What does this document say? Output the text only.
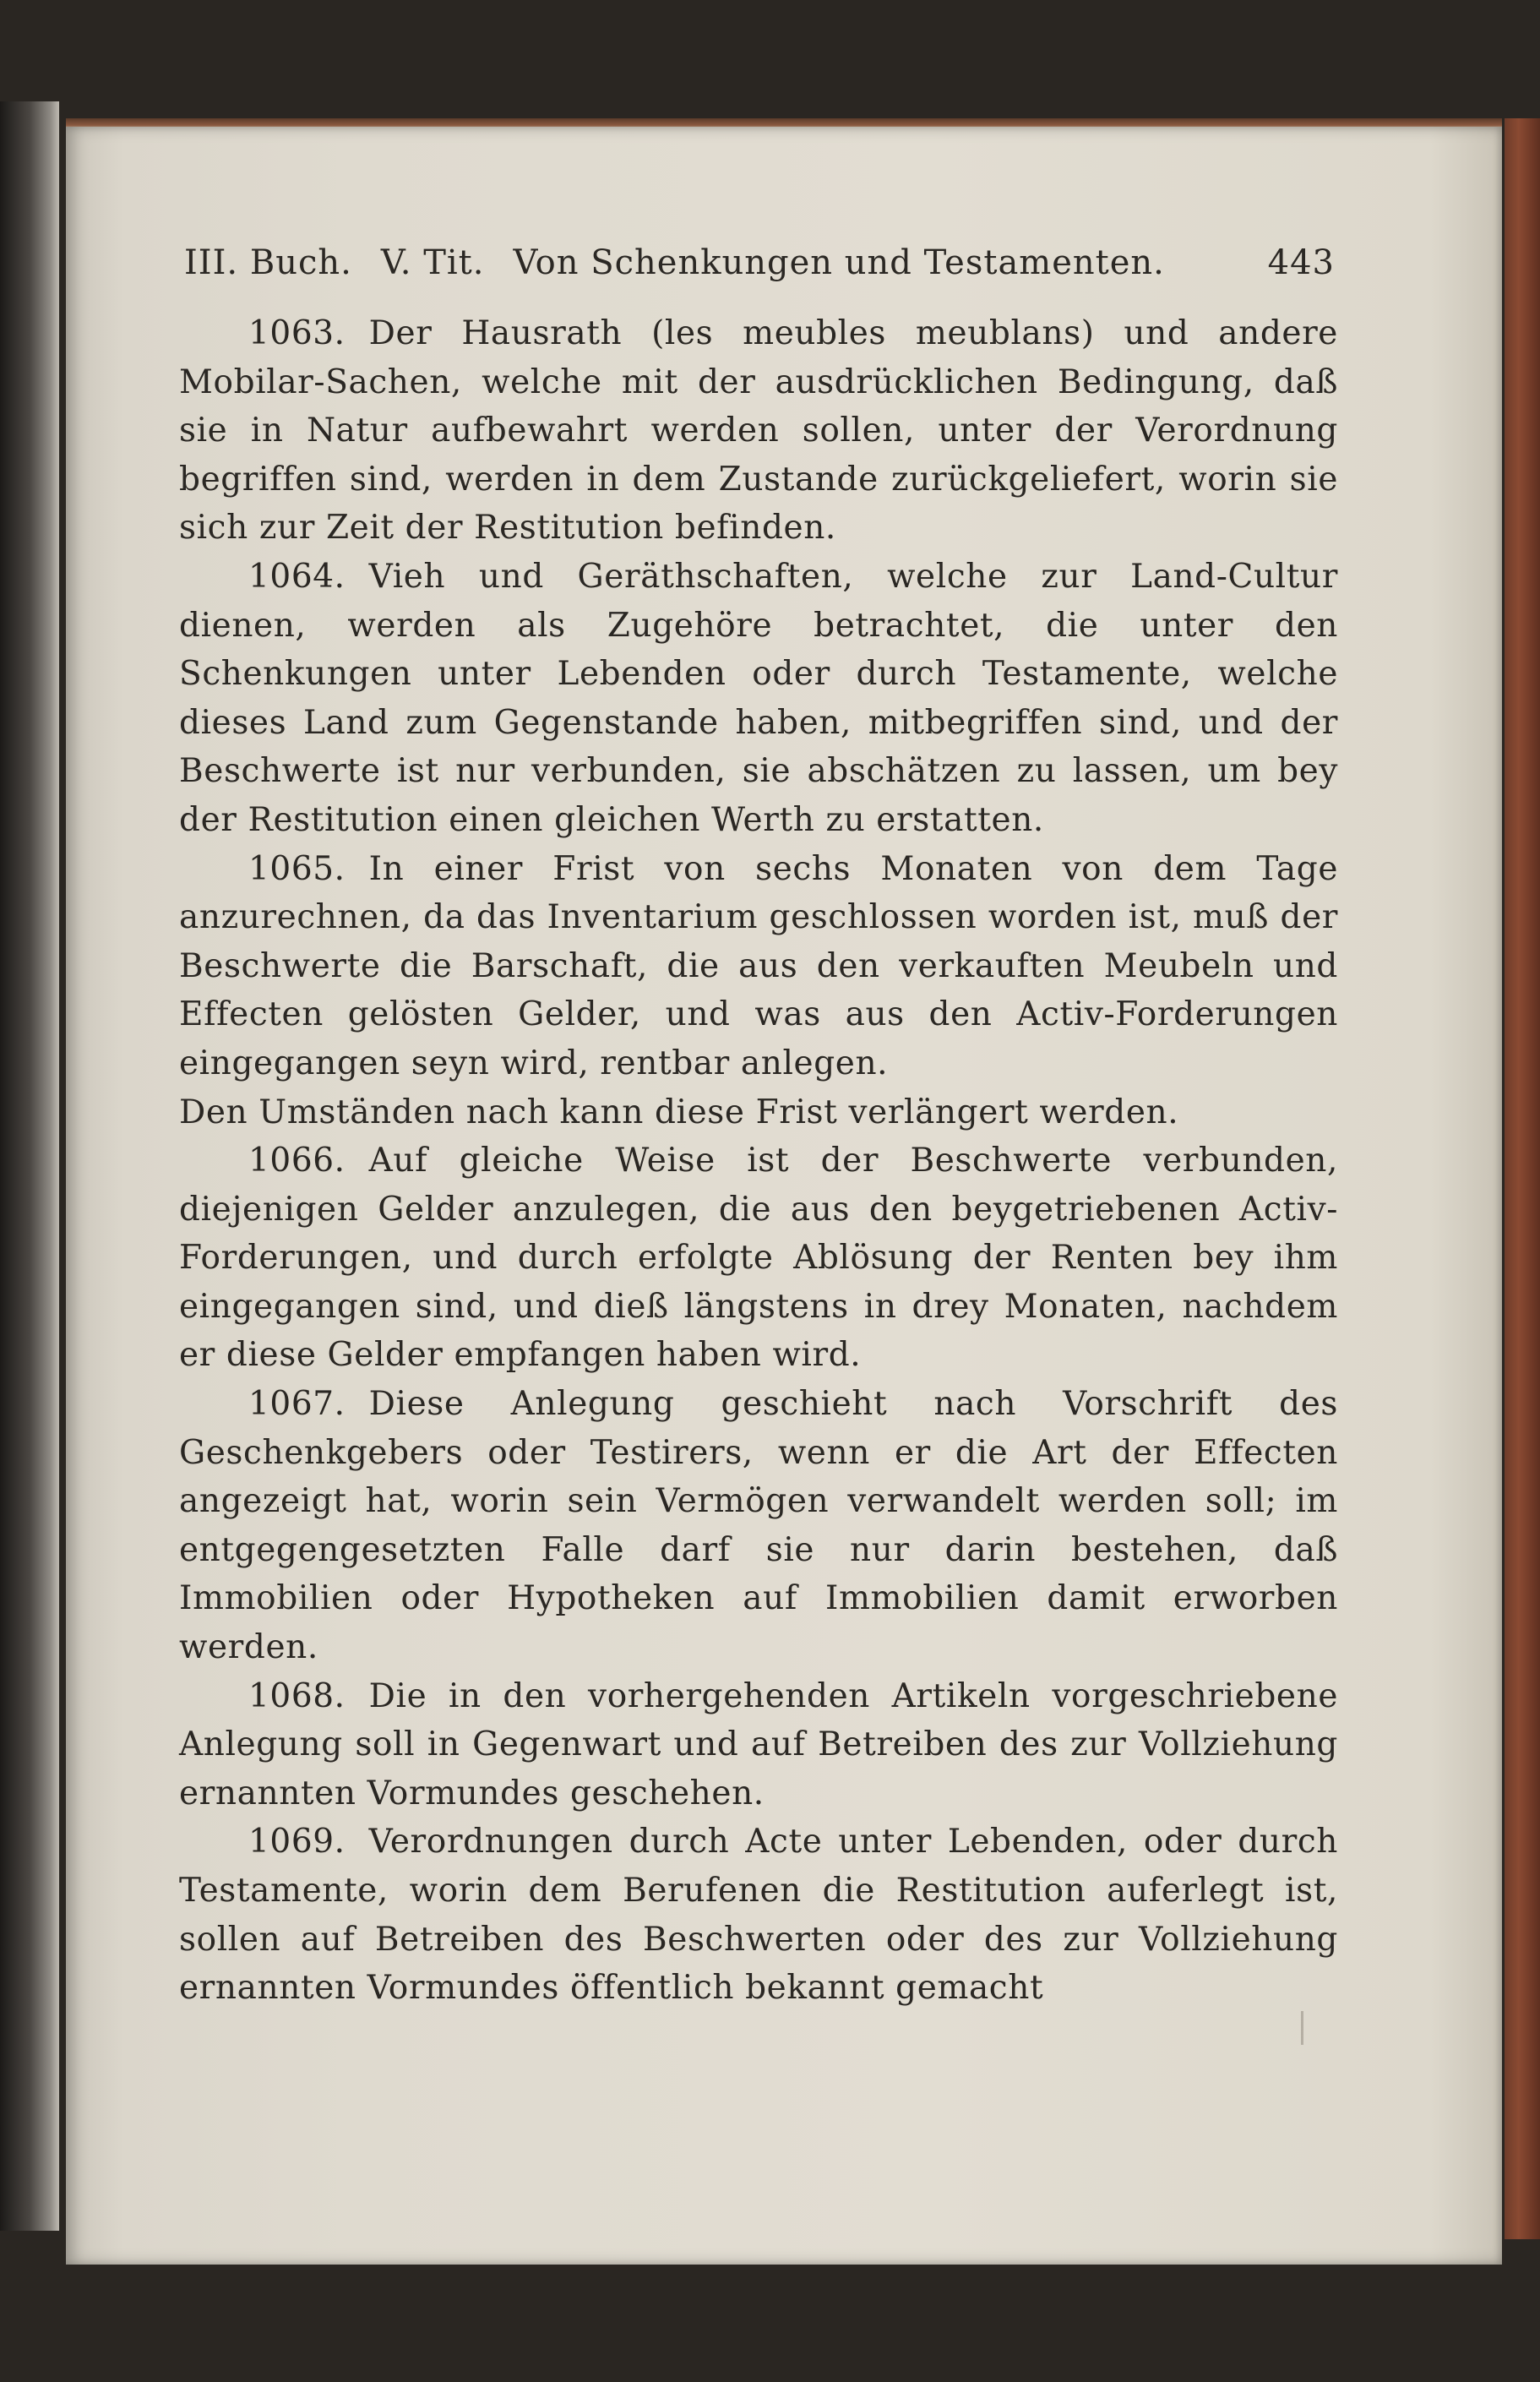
III. Buch. V. Tit. Von Schenkungen und Testamenten.	443

1063. Der Hausrath (les meubles meublans) und andere Mobilar-Sachen, welche mit der ausdrücklichen Bedingung, daß sie in Natur aufbewahrt werden sollen, unter der Verordnung begriffen sind, werden in dem Zustande zurückgeliefert, worin sie sich zur Zeit der Restitution befinden.

1064. Vieh und Geräthschaften, welche zur Land-Cultur dienen, werden als Zugehöre betrachtet, die unter den Schenkungen unter Lebenden oder durch Testamente, welche dieses Land zum Gegenstande haben, mitbegriffen sind, und der Beschwerte ist nur verbunden, sie abschätzen zu lassen, um bey der Restitution einen gleichen Werth zu erstatten.

1065. In einer Frist von sechs Monaten von dem Tage anzurechnen, da das Inventarium geschlossen worden ist, muß der Beschwerte die Barschaft, die aus den verkauften Meubeln und Effecten gelösten Gelder, und was aus den Activ-Forderungen eingegangen seyn wird, rentbar anlegen.

Den Umständen nach kann diese Frist verlängert werden.

1066. Auf gleiche Weise ist der Beschwerte verbunden, diejenigen Gelder anzulegen, die aus den beygetriebenen Activ-Forderungen, und durch erfolgte Ablösung der Renten bey ihm eingegangen sind, und dieß längstens in drey Monaten, nachdem er diese Gelder empfangen haben wird.

1067. Diese Anlegung geschieht nach Vorschrift des Geschenkgebers oder Testirers, wenn er die Art der Effecten angezeigt hat, worin sein Vermögen verwandelt werden soll; im entgegengesetzten Falle darf sie nur darin bestehen, daß Immobilien oder Hypotheken auf Immobilien damit erworben werden.

1068. Die in den vorhergehenden Artikeln vorgeschriebene Anlegung soll in Gegenwart und auf Betreiben des zur Vollziehung ernannten Vormundes geschehen.

1069. Verordnungen durch Acte unter Lebenden, oder durch Testamente, worin dem Berufenen die Restitution auferlegt ist, sollen auf Betreiben des Beschwerten oder des zur Vollziehung ernannten Vormundes öffentlich bekannt gemacht
